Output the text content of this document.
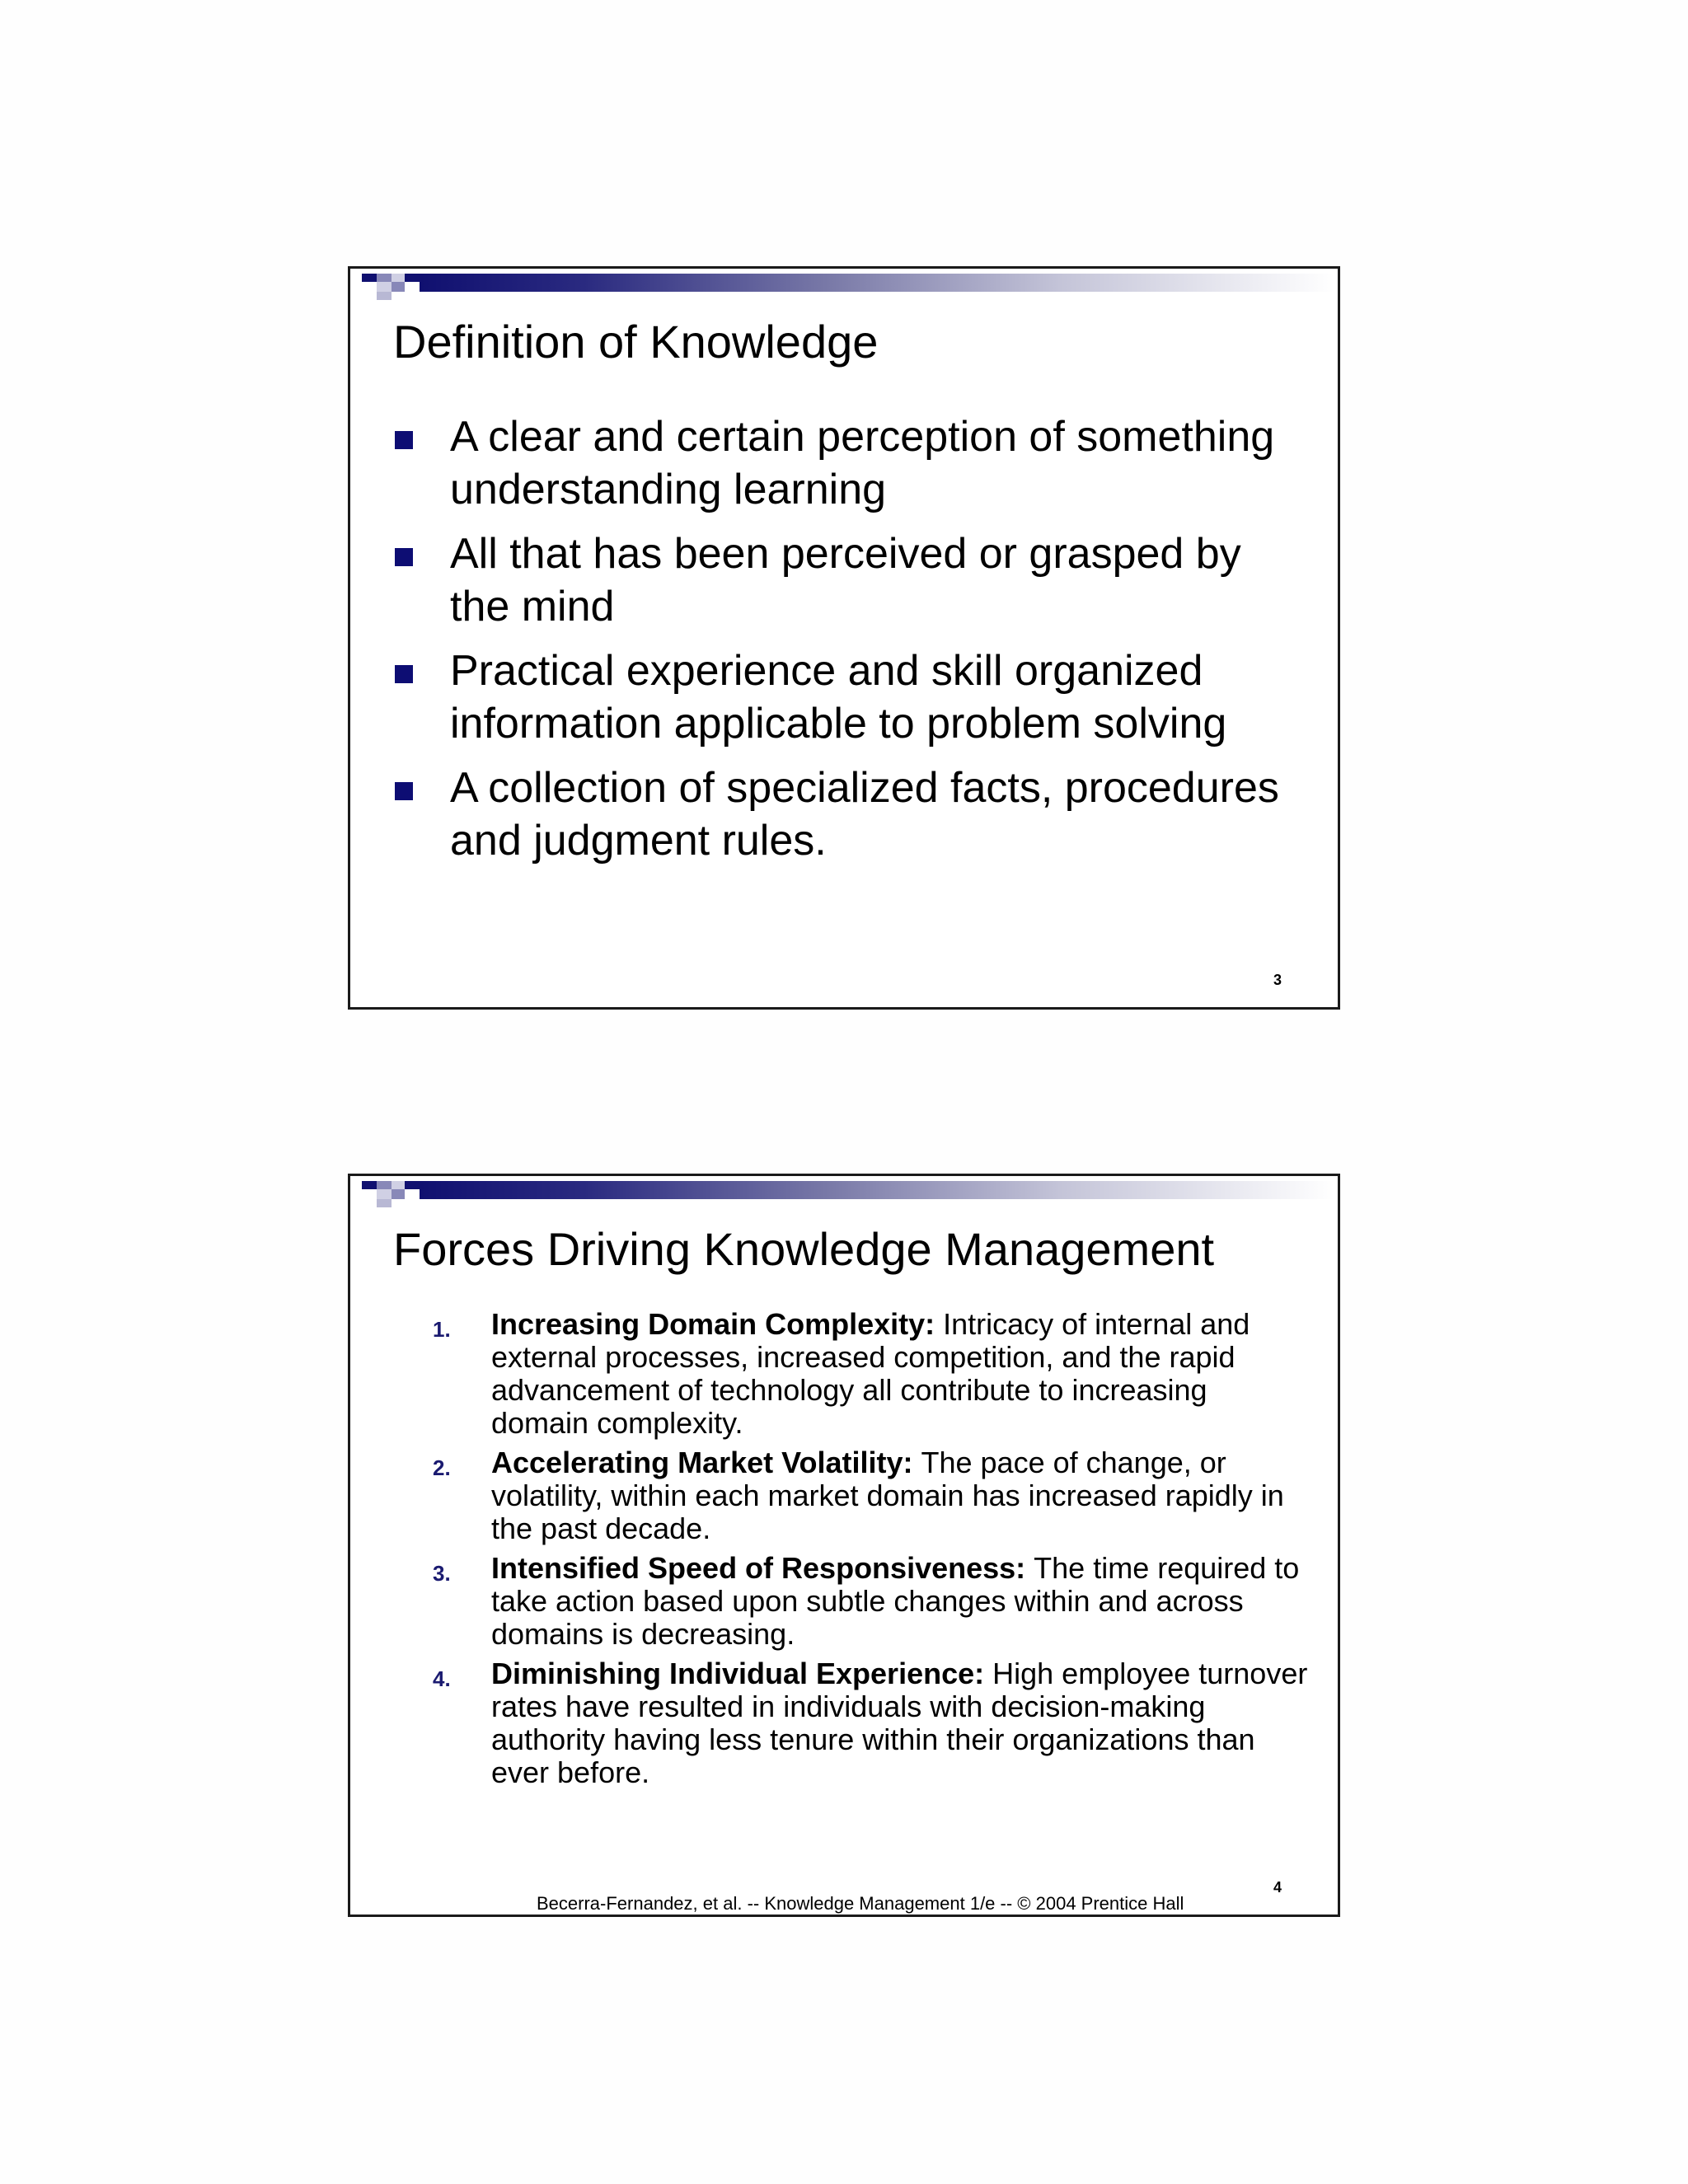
Definition of Knowledge
A clear and certain perception of something understanding learning
All that has been perceived or grasped by the mind
Practical experience and skill organized information applicable to problem solving
A collection of specialized facts, procedures and judgment rules.
3
Forces Driving Knowledge Management
1. Increasing Domain Complexity: Intricacy of internal and external processes, increased competition, and the rapid advancement of technology all contribute to increasing domain complexity.
2. Accelerating Market Volatility: The pace of change, or volatility, within each market domain has increased rapidly in the past decade.
3. Intensified Speed of Responsiveness: The time required to take action based upon subtle changes within and across domains is decreasing.
4. Diminishing Individual Experience: High employee turnover rates have resulted in individuals with decision-making authority having less tenure within their organizations than ever before.
4
Becerra-Fernandez, et al. -- Knowledge Management 1/e -- © 2004 Prentice Hall
